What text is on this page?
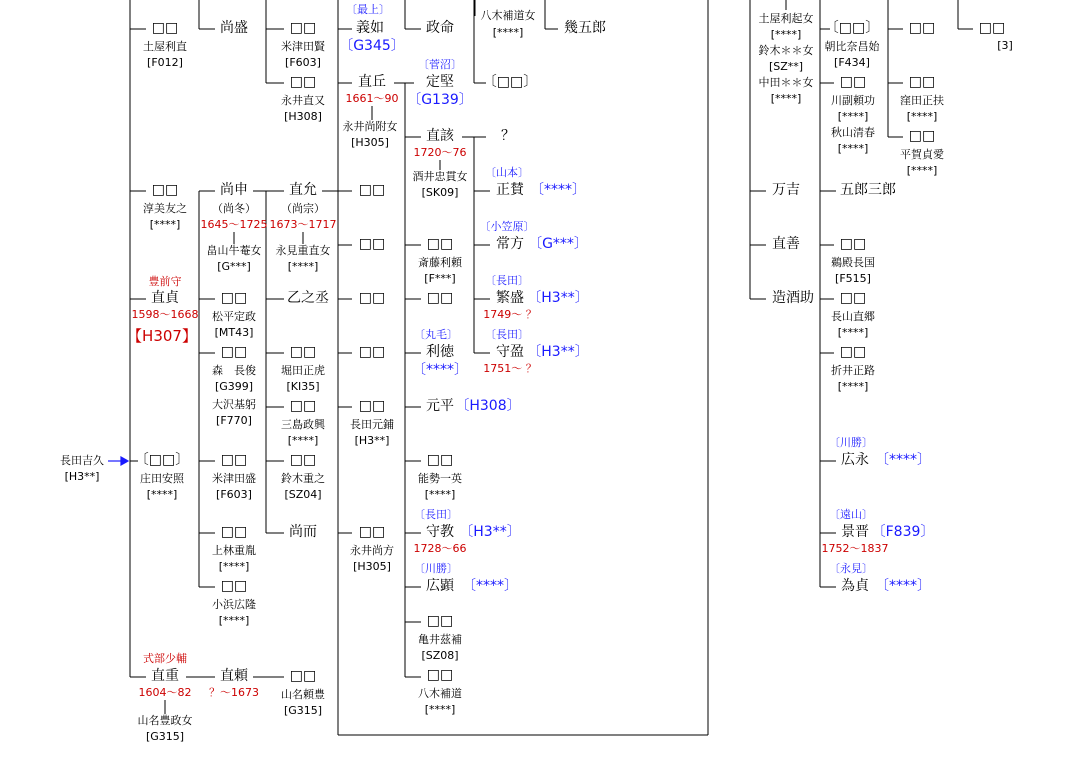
□□
土屋利直
[F012]
尚盛	□□
米津田賢
[F603]
〔最上〕
義如
〔G345〕
政命
八木補道女
[****]	幾五郎
□□
永井直又
[H308]
直丘
1661～90
永井尚附女
[H305]
〔菅沼〕
定堅
〔G139〕
〔□□〕
直該	？
1720～76
酒井忠貫女
[SK09]
〔山本〕
正賛 〔****〕
□□
淳美友之
[****]
尚申
（尚冬）
1645～1725
畠山牛菴女
[G***]
直允
（尚宗）
1673～1717
永見重直女
[****]
□□
□□	□□
斎藤利頼
[F***]
〔小笠原〕
常方 〔G***〕
豊前守
直貞
1598～1668
【H307】
□□
松平定政
[MT43]
乙之丞 □□	□□
〔長田〕
繁盛 〔H3**〕
1749～ ？
□□
森　長俊
[G399]
大沢基躬
[F770]
□□
堀田正虎
[KI35]
□□
〔丸毛〕
利徳
〔****〕
〔長田〕
守盈 〔H3**〕
1751～ ？
□□
三島政興
[****]
□□
長田元鋪
[H3**]
元平 〔H308〕
長田吉久
[H3**]
〔□□〕
庄田安照
[****]
□□
米津田盛
[F603]
□□
鈴木重之
[SZ04]
□□
能勢一英
[****]
〔長田〕
守教 〔H3**〕
1728～66
□□
上林重胤
[****]
尚而	□□
永井尚方
[H305] 〔川勝〕
広顕 〔****〕
□□
小浜広隆
[****]	□□
亀井茲補
[SZ08]
式部少輔
直重
1604～82
山名豊政女
[G315]
直頼
？～1673
□□
山名頼豊
[G315]
□□
八木補道
[****]
土屋利起女
[****]
鈴木＊＊女
[SZ**]
中田＊＊女
[****]
〔□□〕
朝比奈昌始
[F434]
□□	□□
[3]
□□
川副頼功
[****]
秋山清春
[****]
□□
窪田正扶
[****]
□□
平賀貞愛
[****]
万吉	五郎三郎
直善	□□
鵜殿長国
[F515]
造酒助 □□
長山直郷
[****]
□□
折井正路
[****]
〔川勝〕
広永 〔****〕
〔遠山〕
景晋 〔F839〕
1752～1837
〔永見〕
為貞 〔****〕
